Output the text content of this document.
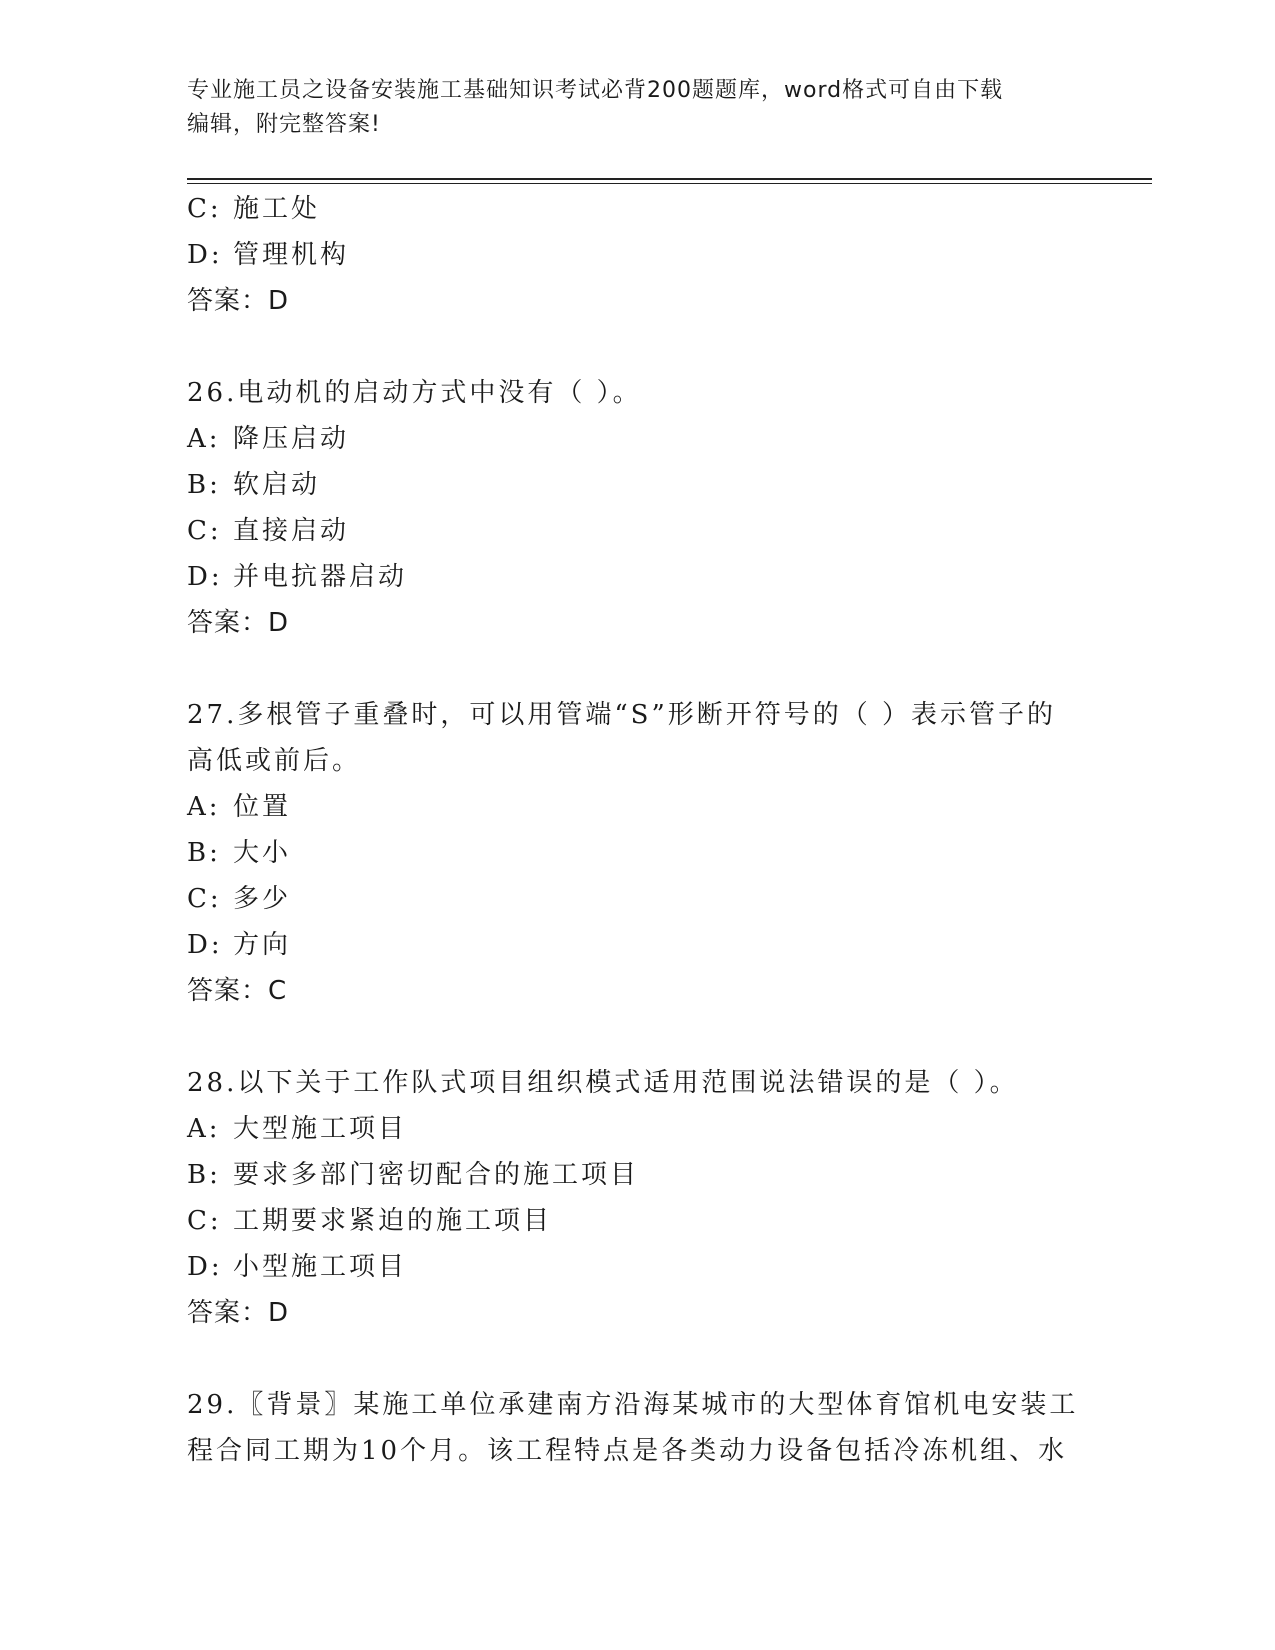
专业施工员之设备安装施工基础知识考试必背200题题库，word格式可自由下载
编辑，附完整答案!
C: 施工处
D: 管理机构
答案：D
26.电动机的启动方式中没有（ ）。
A: 降压启动
B: 软启动
C: 直接启动
D: 并电抗器启动
答案：D
27.多根管子重叠时，可以用管端“S”形断开符号的（ ）表示管子的
高低或前后。
A: 位置
B: 大小
C: 多少
D: 方向
答案：C
28.以下关于工作队式项目组织模式适用范围说法错误的是（ ）。
A: 大型施工项目
B: 要求多部门密切配合的施工项目
C: 工期要求紧迫的施工项目
D: 小型施工项目
答案：D
29.〖背景〗某施工单位承建南方沿海某城市的大型体育馆机电安装工
程合同工期为10个月。该工程特点是各类动力设备包括冷冻机组、水
